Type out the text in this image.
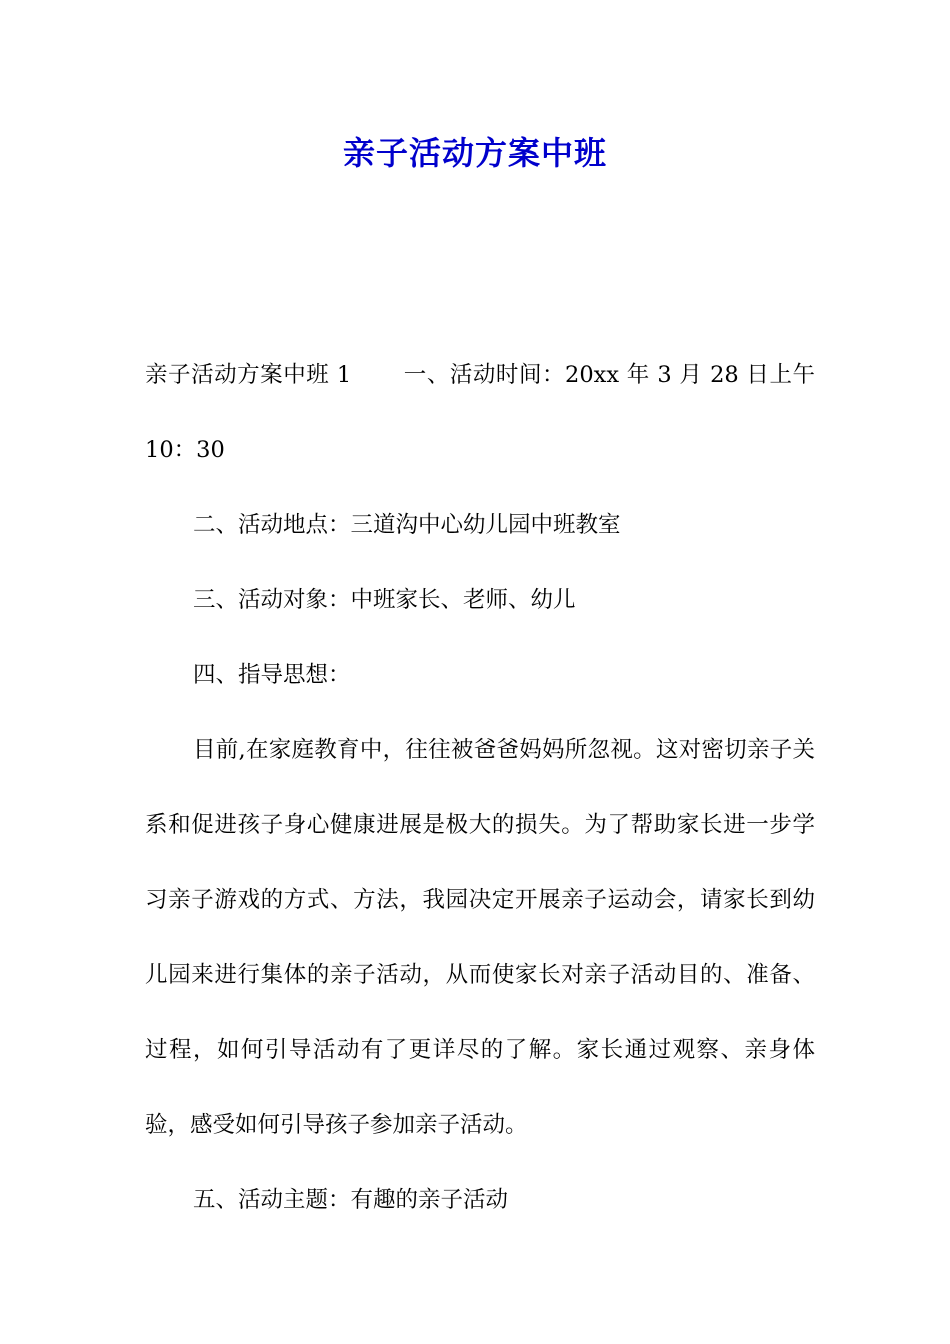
亲子活动方案中班

亲子活动方案中班 1 一、活动时间：20xx 年 3 月 28 日上午 10：30

二、活动地点：三道沟中心幼儿园中班教室

三、活动对象：中班家长、老师、幼儿

四、指导思想：

目前,在家庭教育中，往往被爸爸妈妈所忽视。这对密切亲子关系和促进孩子身心健康进展是极大的损失。为了帮助家长进一步学习亲子游戏的方式、方法，我园决定开展亲子运动会，请家长到幼儿园来进行集体的亲子活动，从而使家长对亲子活动目的、准备、过程，如何引导活动有了更详尽的了解。家长通过观察、亲身体验，感受如何引导孩子参加亲子活动。

五、活动主题：有趣的亲子活动
